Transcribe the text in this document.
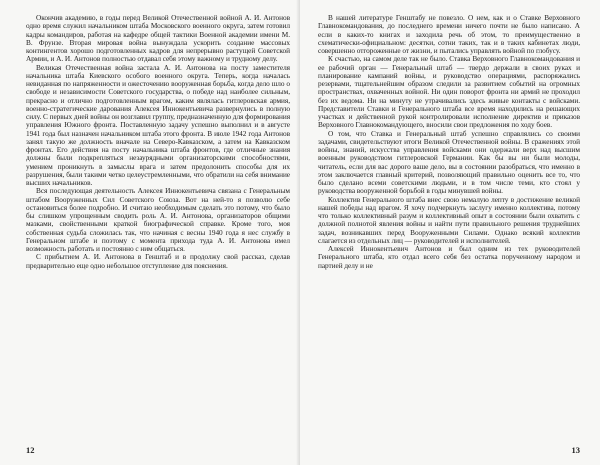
Окончив академию, в годы перед Великой Отечественной войной А. И. Антонов одно время служил начальником штаба Московского военного округа, затем готовил кадры командиров, работая на кафедре общей тактики Военной академии имени М. В. Фрунзе. Вторая мировая война вынуждала ускорить создание массовых контингентов хорошо подготовленных кадров для непрерывно растущей Советской Армии, и А. И. Антонов полностью отдавал себя этому важному и трудному делу.

Великая Отечественная война застала А. И. Антонова на посту заместителя начальника штаба Киевского особого военного округа. Теперь, когда началась невиданная по напряженности и ожесточению вооруженная борьба, когда дело шло о свободе и независимости Советского государства, о победе над наиболее сильным, прекрасно и отлично подготовленным врагом, каким являлась гитлеровская армия, военно-стратегические дарования Алексея Иннокентьевича развернулись в полную силу. С первых дней войны он возглавил группу, предназначенную для формирования управления Южного фронта. Поставленную задачу успешно выполнил и в августе 1941 года был назначен начальником штаба этого фронта. В июле 1942 года Антонов занял такую же должность вначале на Северо-Кавказском, а затем на Кавказском фронтах. Его действия на посту начальника штаба фронтов, где отличные знания должны были подкрепляться незаурядными организаторскими способностями, умением проникнуть в замыслы врага и затем предолонить способы для их разрушения, были такими четко целеустремленными, что обратили на себя внимание высших начальников.

Вся последующая деятельность Алексея Иннокентьевича связана с Генеральным штабом Вооруженных Сил Советского Союза. Вот на ней-то я позволю себе остановиться более подробно. И считаю необходимым сделать это потому, что было бы слишком упрощенным сводить роль А. И. Антонова, организаторов общими мазками, свойственными краткой биографической справке. Кроме того, моя собственная судьба сложилась так, что начиная с весны 1940 года я нес службу в Генеральном штабе и поэтому с момента прихода туда А. И. Антонова имел возможность работать и постоянно с ним общаться.

С прибытием А. И. Антонова в Генштаб и в продолжу свой рассказ, сделав предварительно еще одно небольшое отступление для пояснения.

12

В нашей литературе Генштабу не повезло. О нем, как и о Ставке Верховного Главнокомандования, до последнего времени ничего почти не было написано. А если в каких-то книгах и заходила речь об этом, то преимущественно в схематически-официальном: десятки, сотни таких, так и в таких кабинетах люди, совершенно отгороженные от жизни, и пытались управлять войной по глобусу.

К счастью, на самом деле так не было. Ставка Верховного Главнокомандования и ее рабочий орган — Генеральный штаб — твердо держали в своих руках и планирование кампаний войны, и руководство операциями, распоряжались резервами, тщательнейшим образом следили за развитием событий на огромных пространствах, охваченных войной. Ни один поворот фронта ни армий не проходил без их ведома. Ни на минуту не утрачивались здесь живые контакты с войсками. Представители Ставки и Генерального штаба все время находились на решающих участках и действенной рукой контролировали исполнение директив и приказов Верховного Главнокомандующего, вносили свои предложения по ходу боев.

О том, что Ставка и Генеральный штаб успешно справлялись со своими задачами, свидетельствуют итоги Великой Отечественной войны. В сражениях этой войны, знаний, искусства управления войсками они одержали верх над высшим военным руководством гитлеровской Германии. Как бы вы ни были молоды, читатель, если для вас дорого ваше дело, вы в состоянии разобраться, что именно в этом заключается главный критерий, позволяющий правильно оценить все то, что было сделано всеми советскими людьми, и в том числе теми, кто стоял у руководства вооруженной борьбой в годы минувшей войны.

Коллектив Генерального штаба внес свою немалую лепту в достижение великой нашей победы над врагом. Я хочу подчеркнуть заслугу именно коллектива, потому что только коллективный разум и коллективный опыт в состоянии были охватить с должной полнотой явления войны и найти пути правильного решения труднейших задач, возникавших перед Вооруженными Силами. Однако всякий коллектив слагается из отдельных лиц — руководителей и исполнителей.

Алексей Иннокентьевич Антонов и был одним из тех руководителей Генерального штаба, кто отдал всего себя без остатка порученному народом и партией делу и не

13
